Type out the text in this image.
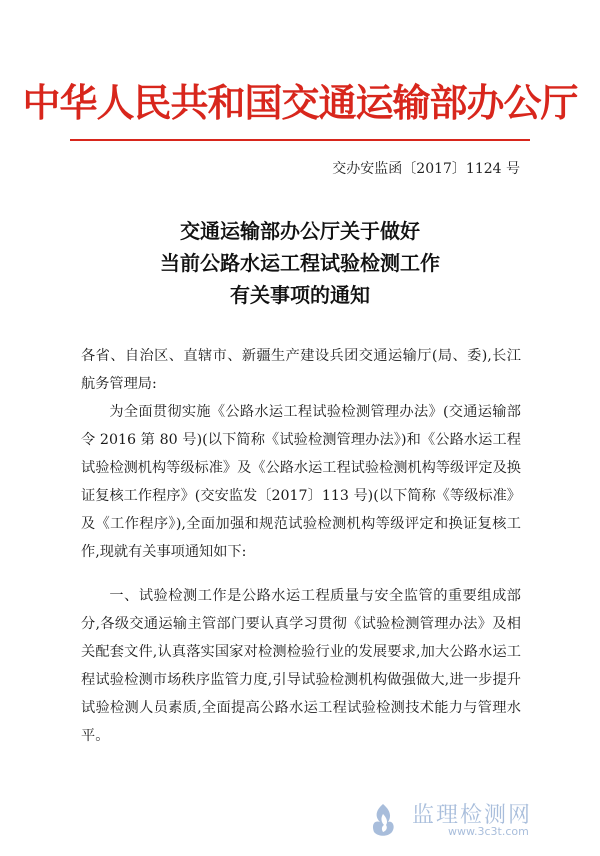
中华人民共和国交通运输部办公厅
交办安监函〔2017〕1124 号
交通运输部办公厅关于做好
当前公路水运工程试验检测工作
有关事项的通知

各省、自治区、直辖市、新疆生产建设兵团交通运输厅(局、委),长江航务管理局:

为全面贯彻实施《公路水运工程试验检测管理办法》(交通运输部令 2016 第 80 号)(以下简称《试验检测管理办法》)和《公路水运工程试验检测机构等级标准》及《公路水运工程试验检测机构等级评定及换证复核工作程序》(交安监发〔2017〕113 号)(以下简称《等级标准》及《工作程序》),全面加强和规范试验检测机构等级评定和换证复核工作,现就有关事项通知如下:

一、试验检测工作是公路水运工程质量与安全监管的重要组成部分,各级交通运输主管部门要认真学习贯彻《试验检测管理办法》及相关配套文件,认真落实国家对检测检验行业的发展要求,加大公路水运工程试验检测市场秩序监管力度,引导试验检测机构做强做大,进一步提升试验检测人员素质,全面提高公路水运工程试验检测技术能力与管理水平。

监理检测网
www.3c3t.com
